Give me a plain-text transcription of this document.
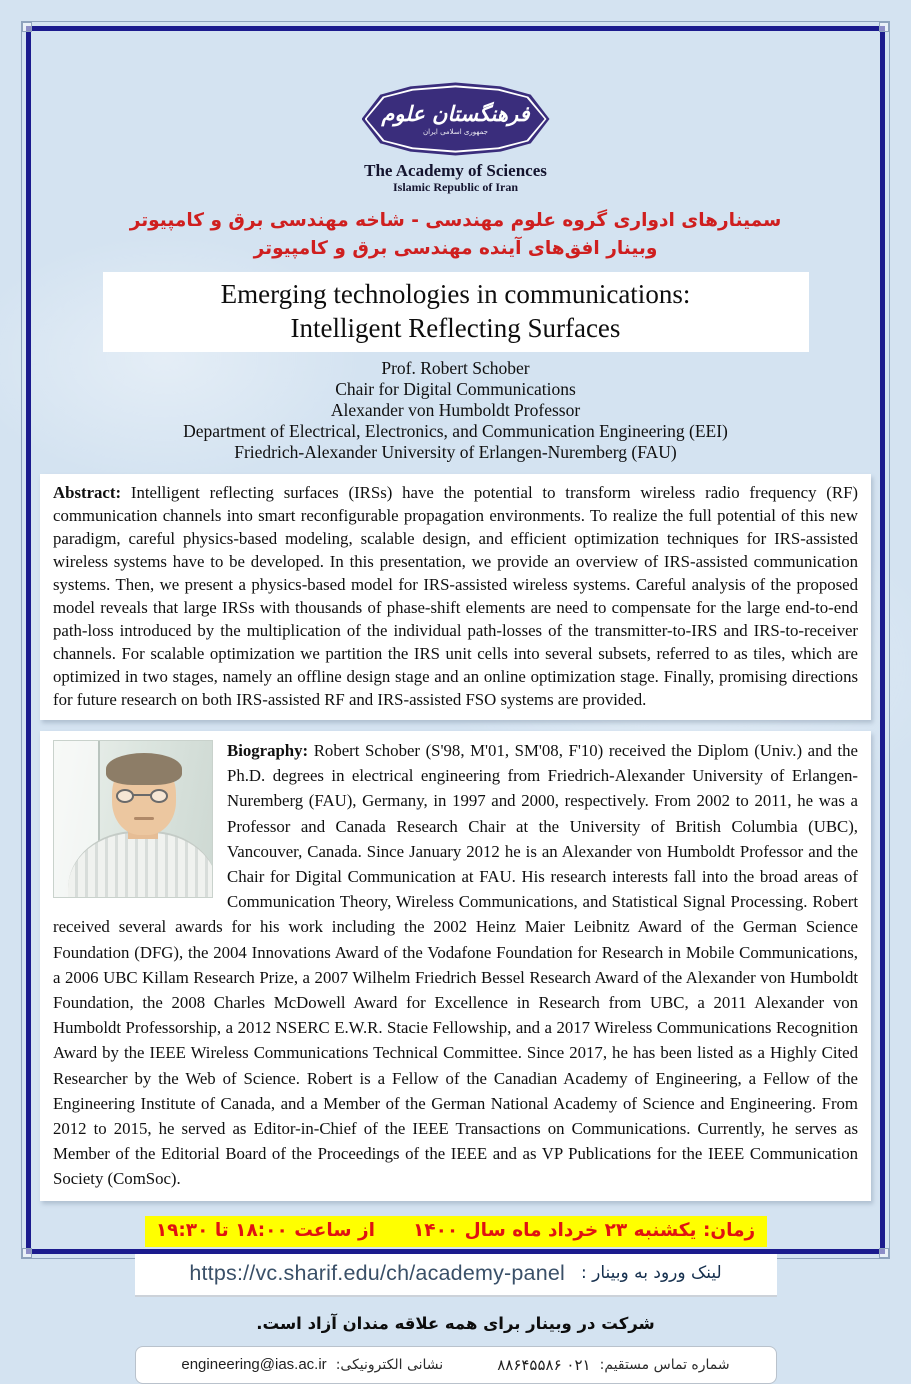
فرهنگستان علوم
جمهوری اسلامی ایران
The Academy of Sciences
Islamic Republic of Iran
سمینارهای ادواری گروه علوم مهندسی - شاخه مهندسی برق و کامپیوتر
وبینار افق‌های آینده مهندسی برق و کامپیوتر
Emerging technologies in communications:
Intelligent Reflecting Surfaces
Prof. Robert Schober
Chair for Digital Communications
Alexander von Humboldt Professor
Department of Electrical, Electronics, and Communication Engineering (EEI)
Friedrich-Alexander University of Erlangen-Nuremberg (FAU)

Abstract: Intelligent reflecting surfaces (IRSs) have the potential to transform wireless radio frequency (RF) communication channels into smart reconfigurable propagation environments. To realize the full potential of this new paradigm, careful physics-based modeling, scalable design, and efficient optimization techniques for IRS-assisted wireless systems have to be developed. In this presentation, we provide an overview of IRS-assisted communication systems. Then, we present a physics-based model for IRS-assisted wireless systems. Careful analysis of the proposed model reveals that large IRSs with thousands of phase-shift elements are need to compensate for the large end-to-end path-loss introduced by the multiplication of the individual path-losses of the transmitter-to-IRS and IRS-to-receiver channels. For scalable optimization we partition the IRS unit cells into several subsets, referred to as tiles, which are optimized in two stages, namely an offline design stage and an online optimization stage. Finally, promising directions for future research on both IRS-assisted RF and IRS-assisted FSO systems are provided.

Biography: Robert Schober (S'98, M'01, SM'08, F'10) received the Diplom (Univ.) and the Ph.D. degrees in electrical engineering from Friedrich-Alexander University of Erlangen-Nuremberg (FAU), Germany, in 1997 and 2000, respectively. From 2002 to 2011, he was a Professor and Canada Research Chair at the University of British Columbia (UBC), Vancouver, Canada. Since January 2012 he is an Alexander von Humboldt Professor and the Chair for Digital Communication at FAU. His research interests fall into the broad areas of Communication Theory, Wireless Communications, and Statistical Signal Processing. Robert received several awards for his work including the 2002 Heinz Maier Leibnitz Award of the German Science Foundation (DFG), the 2004 Innovations Award of the Vodafone Foundation for Research in Mobile Communications, a 2006 UBC Killam Research Prize, a 2007 Wilhelm Friedrich Bessel Research Award of the Alexander von Humboldt Foundation, the 2008 Charles McDowell Award for Excellence in Research from UBC, a 2011 Alexander von Humboldt Professorship, a 2012 NSERC E.W.R. Stacie Fellowship, and a 2017 Wireless Communications Recognition Award by the IEEE Wireless Communications Technical Committee. Since 2017, he has been listed as a Highly Cited Researcher by the Web of Science. Robert is a Fellow of the Canadian Academy of Engineering, a Fellow of the Engineering Institute of Canada, and a Member of the German National Academy of Science and Engineering. From 2012 to 2015, he served as Editor-in-Chief of the IEEE Transactions on Communications. Currently, he serves as Member of the Editorial Board of the Proceedings of the IEEE and as VP Publications for the IEEE Communication Society (ComSoc).

زمان: یکشنبه ۲۳ خرداد ماه سال ۱۴۰۰
از ساعت ۱۸:۰۰ تا ۱۹:۳۰
https://vc.sharif.edu/ch/academy-panel لینک ورود به وبینار :
شرکت در وبینار برای همه علاقه مندان آزاد است.
نشانی الکترونیکی:
engineering@ias.ac.ir	شماره تماس مستقیم:
۸۸۶۴۵۵۸۶ ۰۲۱
